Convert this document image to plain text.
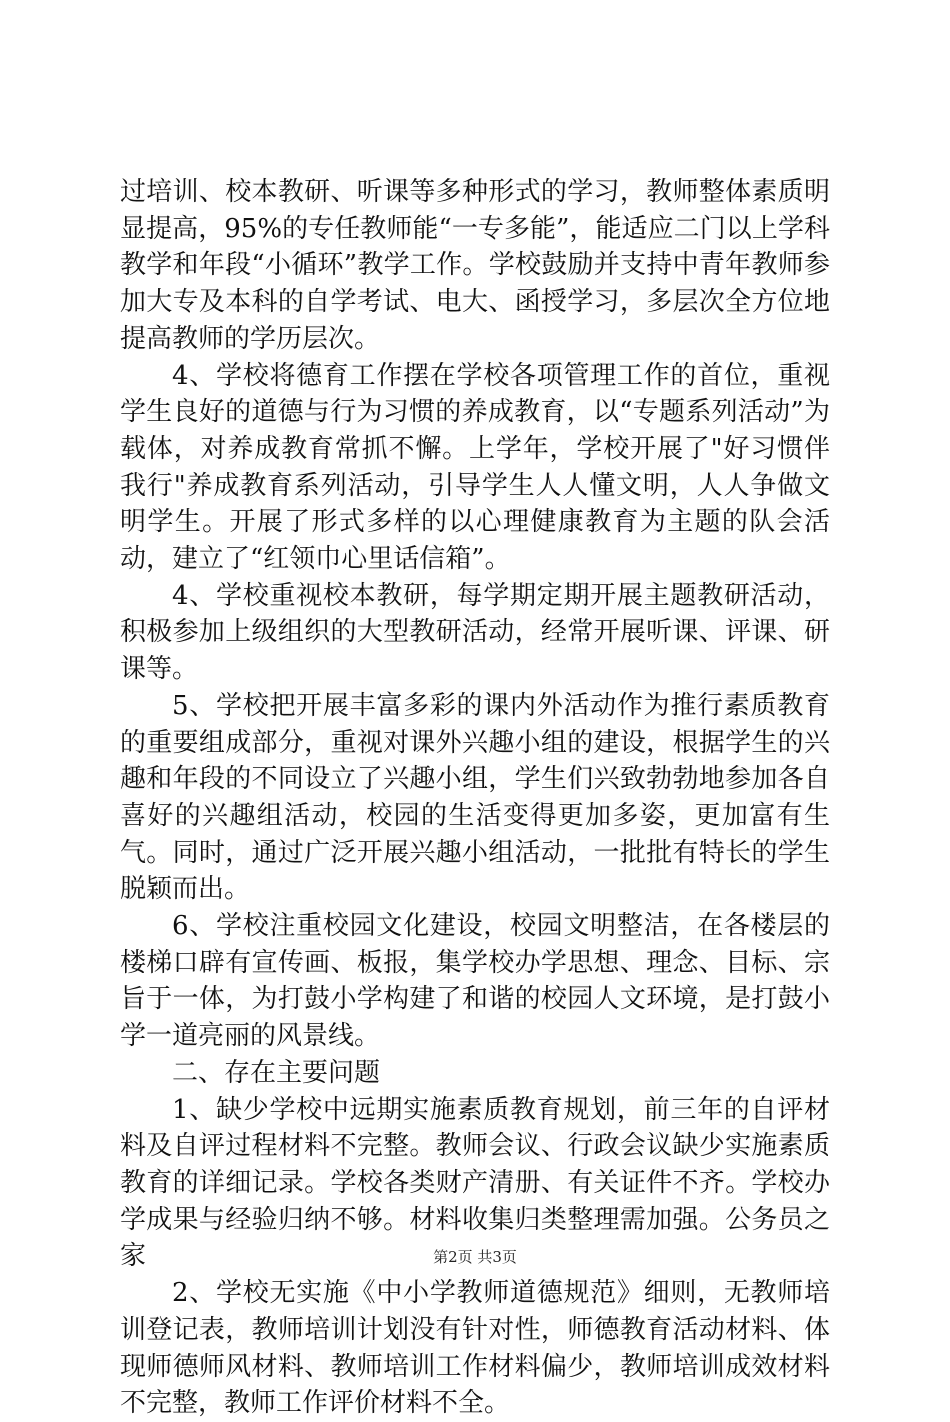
过培训、校本教研、听课等多种形式的学习，教师整体素质明显提高，95%的专任教师能“一专多能”，能适应二门以上学科教学和年段“小循环”教学工作。学校鼓励并支持中青年教师参加大专及本科的自学考试、电大、函授学习，多层次全方位地提高教师的学历层次。

4、学校将德育工作摆在学校各项管理工作的首位，重视学生良好的道德与行为习惯的养成教育，以“专题系列活动”为载体，对养成教育常抓不懈。上学年，学校开展了"好习惯伴我行"养成教育系列活动，引导学生人人懂文明，人人争做文明学生。开展了形式多样的以心理健康教育为主题的队会活动，建立了“红领巾心里话信箱”。

4、学校重视校本教研，每学期定期开展主题教研活动，积极参加上级组织的大型教研活动，经常开展听课、评课、研课等。

5、学校把开展丰富多彩的课内外活动作为推行素质教育的重要组成部分，重视对课外兴趣小组的建设，根据学生的兴趣和年段的不同设立了兴趣小组，学生们兴致勃勃地参加各自喜好的兴趣组活动，校园的生活变得更加多姿，更加富有生气。同时，通过广泛开展兴趣小组活动，一批批有特长的学生脱颖而出。

6、学校注重校园文化建设，校园文明整洁，在各楼层的楼梯口辟有宣传画、板报，集学校办学思想、理念、目标、宗旨于一体，为打鼓小学构建了和谐的校园人文环境，是打鼓小学一道亮丽的风景线。

二、存在主要问题

1、缺少学校中远期实施素质教育规划，前三年的自评材料及自评过程材料不完整。教师会议、行政会议缺少实施素质教育的详细记录。学校各类财产清册、有关证件不齐。学校办学成果与经验归纳不够。材料收集归类整理需加强。公务员之家

2、学校无实施《中小学教师道德规范》细则，无教师培训登记表，教师培训计划没有针对性，师德教育活动材料、体现师德师风材料、教师培训工作材料偏少，教师培训成效材料不完整，教师工作评价材料不全。

第2页 共3页
